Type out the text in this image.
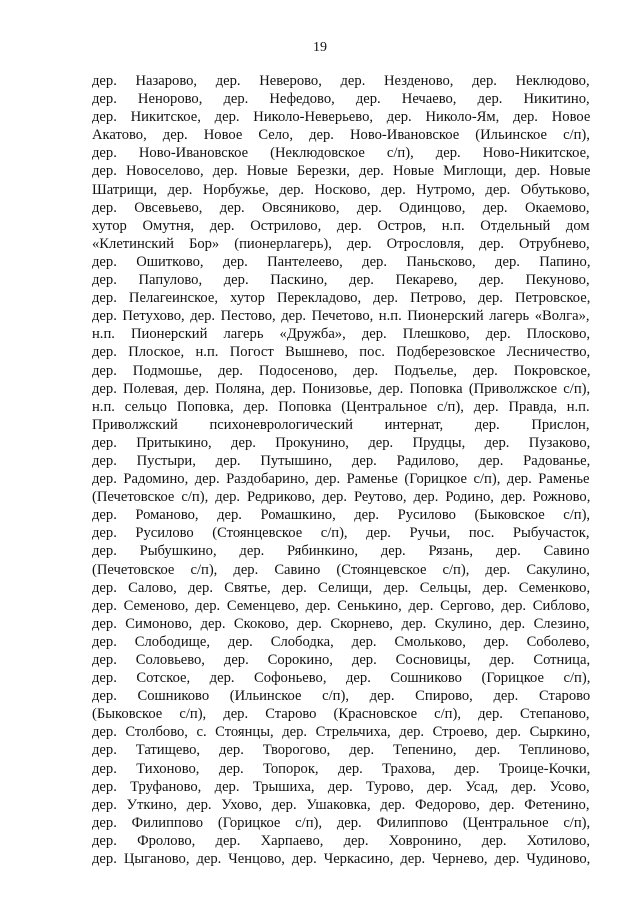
19
дер. Назарово, дер. Неверово, дер. Незденово, дер. Неклюдово,
дер. Ненорово, дер. Нефедово, дер. Нечаево, дер. Никитино,
дер. Никитское, дер. Николо-Неверьево, дер. Николо-Ям, дер. Новое
Акатово, дер. Новое Село, дер. Ново-Ивановское (Ильинское с/п),
дер. Ново-Ивановское (Неклюдовское с/п), дер. Ново-Никитское,
дер. Новоселово, дер. Новые Березки, дер. Новые Миглощи, дер. Новые
Шатрищи, дер. Норбужье, дер. Носково, дер. Нутромо, дер. Обутьково,
дер. Овсевьево, дер. Овсяниково, дер. Одинцово, дер. Окаемово,
хутор Омутня, дер. Острилово, дер. Остров, н.п. Отдельный дом
«Клетинский Бор» (пионерлагерь), дер. Отрословля, дер. Отрубнево,
дер. Ошитково, дер. Пантелеево, дер. Паньсково, дер. Папино,
дер. Папулово, дер. Паскино, дер. Пекарево, дер. Пекуново,
дер. Пелагеинское, хутор Перекладово, дер. Петрово, дер. Петровское,
дер. Петухово, дер. Пестово, дер. Печетово, н.п. Пионерский лагерь «Волга»,
н.п. Пионерский лагерь «Дружба», дер. Плешково, дер. Плосково,
дер. Плоское, н.п. Погост Вышнево, пос. Подберезовское Лесничество,
дер. Подмошье, дер. Подосеново, дер. Подъелье, дер. Покровское,
дер. Полевая, дер. Поляна, дер. Понизовье, дер. Поповка (Приволжское с/п),
н.п. сельцо Поповка, дер. Поповка (Центральное с/п), дер. Правда, н.п.
Приволжский психоневрологический интернат, дер. Прислон,
дер. Притыкино, дер. Прокунино, дер. Прудцы, дер. Пузаково,
дер. Пустыри, дер. Путышино, дер. Радилово, дер. Радованье,
дер. Радомино, дер. Раздобарино, дер. Раменье (Горицкое с/п), дер. Раменье
(Печетовское с/п), дер. Редриково, дер. Реутово, дер. Родино, дер. Рожново,
дер. Романово, дер. Ромашкино, дер. Русилово (Быковское с/п),
дер. Русилово (Стоянцевское с/п), дер. Ручьи, пос. Рыбучасток,
дер. Рыбушкино, дер. Рябинкино, дер. Рязань, дер. Савино
(Печетовское с/п), дер. Савино (Стоянцевское с/п), дер. Сакулино,
дер. Салово, дер. Святье, дер. Селищи, дер. Сельцы, дер. Семенково,
дер. Семеново, дер. Семенцево, дер. Сенькино, дер. Сергово, дер. Сиблово,
дер. Симоново, дер. Скоково, дер. Скорнево, дер. Скулино, дер. Слезино,
дер. Слободище, дер. Слободка, дер. Смольково, дер. Соболево,
дер. Соловьево, дер. Сорокино, дер. Сосновицы, дер. Сотница,
дер. Сотское, дер. Софоньево, дер. Сошниково (Горицкое с/п),
дер. Сошниково (Ильинское с/п), дер. Спирово, дер. Старово
(Быковское с/п), дер. Старово (Красновское с/п), дер. Степаново,
дер. Столбово, с. Стоянцы, дер. Стрельчиха, дер. Строево, дер. Сыркино,
дер. Татищево, дер. Творогово, дер. Тепенино, дер. Теплиново,
дер. Тихоново, дер. Топорок, дер. Трахова, дер. Троице-Кочки,
дер. Труфаново, дер. Трышиха, дер. Турово, дер. Усад, дер. Усово,
дер. Уткино, дер. Ухово, дер. Ушаковка, дер. Федорово, дер. Фетенино,
дер. Филиппово (Горицкое с/п), дер. Филиппово (Центральное с/п),
дер. Фролово, дер. Харпаево, дер. Ховронино, дер. Хотилово,
дер. Цыганово, дер. Ченцово, дер. Черкасино, дер. Черневo, дер. Чудиново,
